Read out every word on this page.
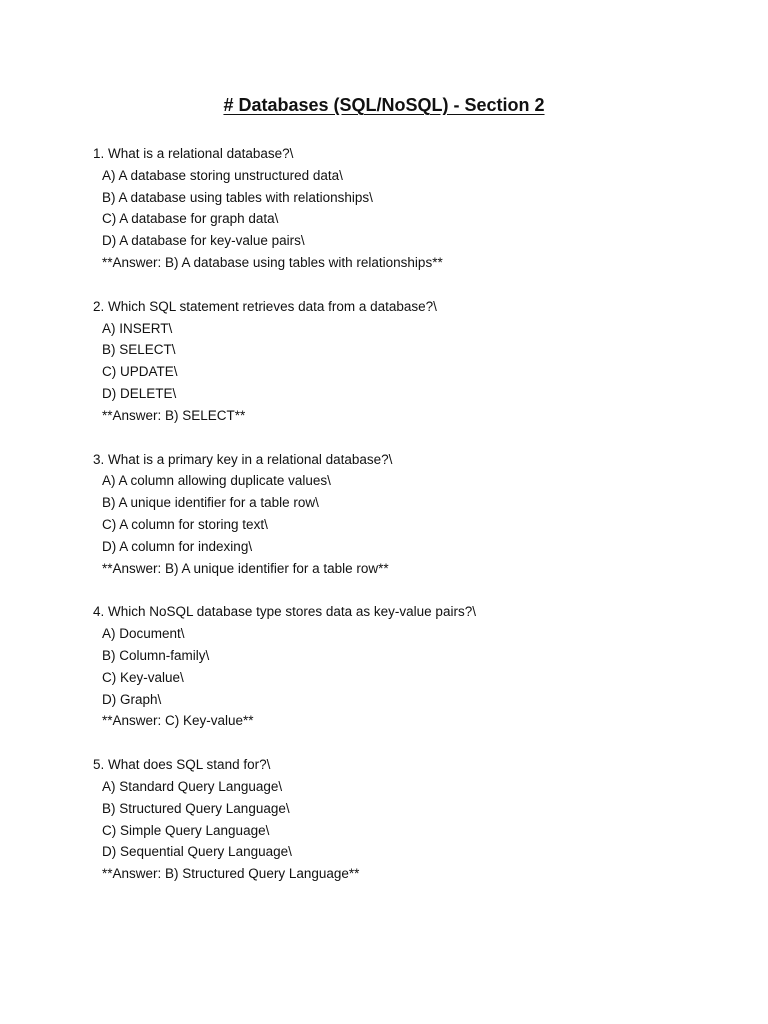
# Databases (SQL/NoSQL) - Section 2
1. What is a relational database?\
A) A database storing unstructured data\
B) A database using tables with relationships\
C) A database for graph data\
D) A database for key-value pairs\
**Answer: B) A database using tables with relationships**
2. Which SQL statement retrieves data from a database?\
A) INSERT\
B) SELECT\
C) UPDATE\
D) DELETE\
**Answer: B) SELECT**
3. What is a primary key in a relational database?\
A) A column allowing duplicate values\
B) A unique identifier for a table row\
C) A column for storing text\
D) A column for indexing\
**Answer: B) A unique identifier for a table row**
4. Which NoSQL database type stores data as key-value pairs?\
A) Document\
B) Column-family\
C) Key-value\
D) Graph\
**Answer: C) Key-value**
5. What does SQL stand for?\
A) Standard Query Language\
B) Structured Query Language\
C) Simple Query Language\
D) Sequential Query Language\
**Answer: B) Structured Query Language**
